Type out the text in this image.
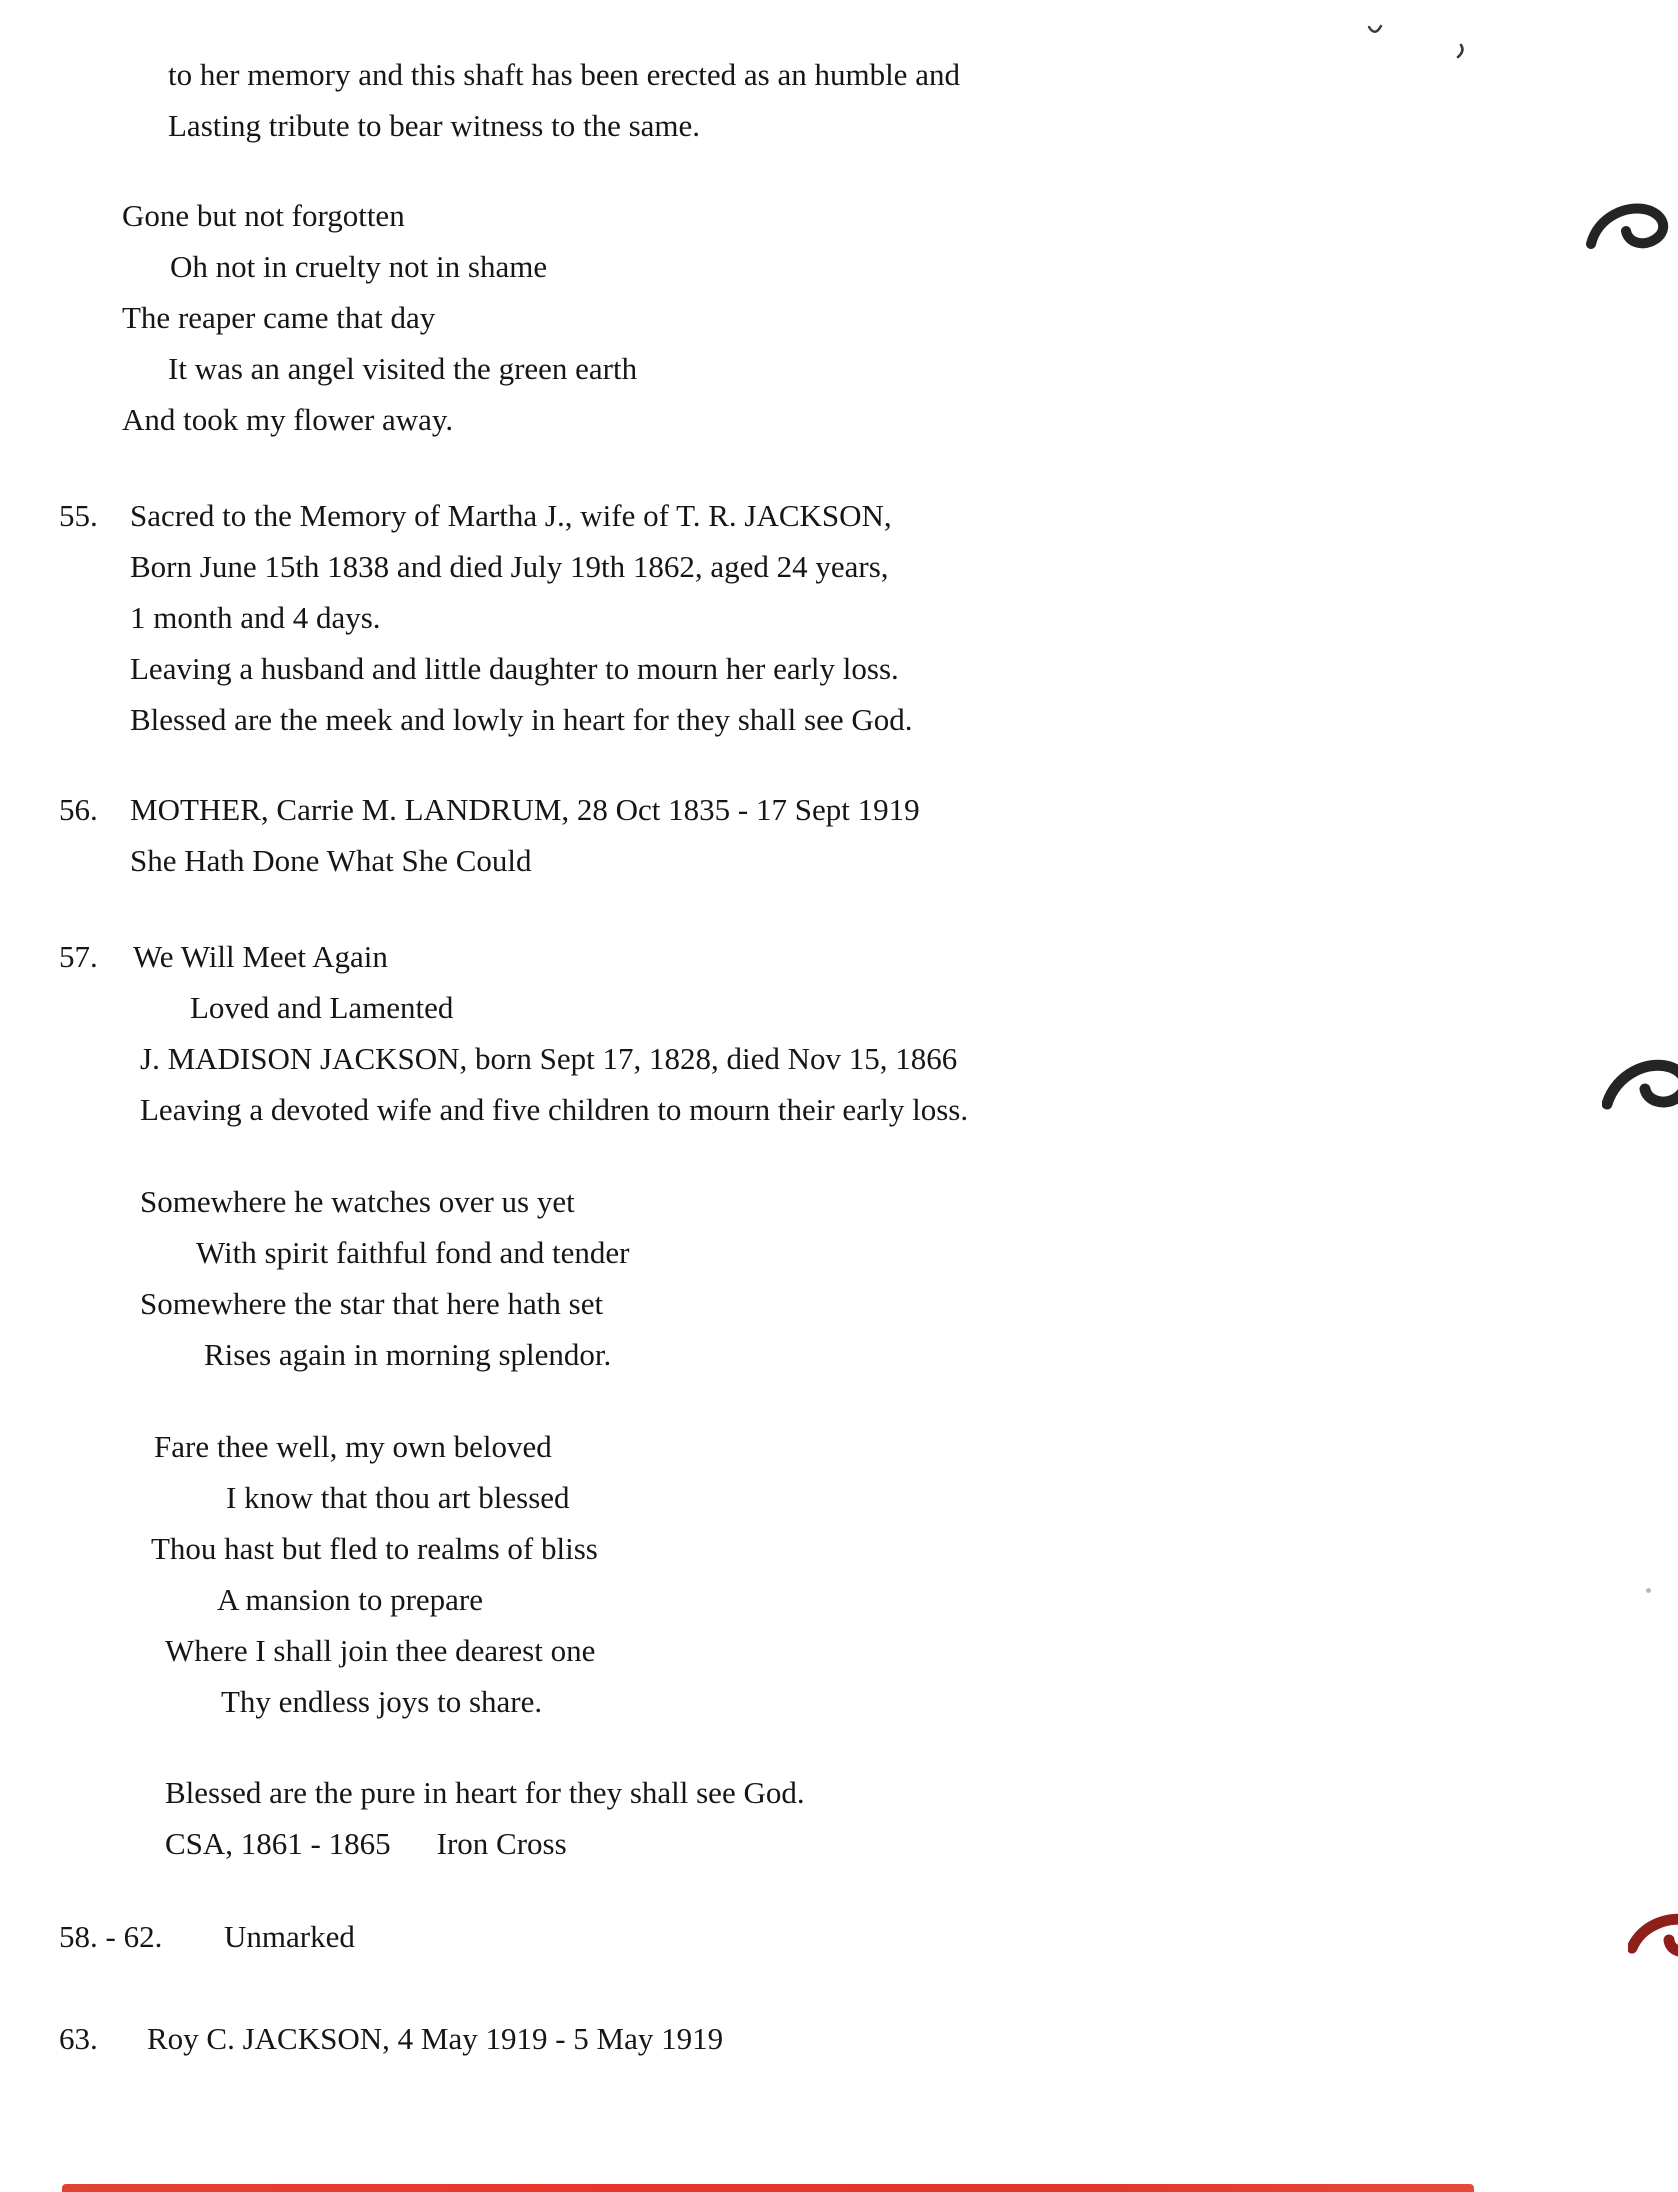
to her memory and this shaft has been erected as an humble and
Lasting tribute to bear witness to the same.
Gone but not forgotten
Oh not in cruelty not in shame
The reaper came that day
It was an angel visited the green earth
And took my flower away.
55.	Sacred to the Memory of Martha J., wife of T. R. JACKSON,
Born June 15th 1838 and died July 19th 1862, aged 24 years,
1 month and 4 days.
Leaving a husband and little daughter to mourn her early loss.
Blessed are the meek and lowly in heart for they shall see God.
56.	MOTHER, Carrie M. LANDRUM, 28 Oct 1835 - 17 Sept 1919
She Hath Done What She Could
57.	We Will Meet Again
Loved and Lamented
J. MADISON JACKSON, born Sept 17, 1828, died Nov 15, 1866
Leaving a devoted wife and five children to mourn their early loss.
Somewhere he watches over us yet
With spirit faithful fond and tender
Somewhere the star that here hath set
Rises again in morning splendor.
Fare thee well, my own beloved
I know that thou art blessed
Thou hast but fled to realms of bliss
A mansion to prepare
Where I shall join thee dearest one
Thy endless joys to share.
Blessed are the pure in heart for they shall see God.
CSA, 1861 - 1865 Iron Cross
58. - 62.	Unmarked
63.	Roy C. JACKSON, 4 May 1919 - 5 May 1919
